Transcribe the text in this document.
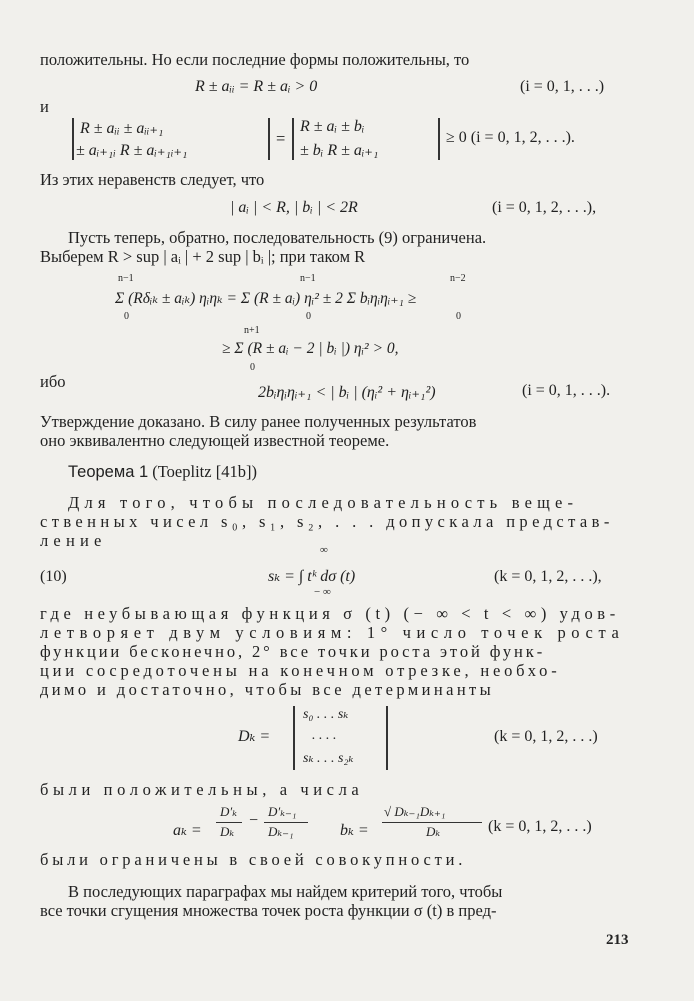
положительны. Но если последние формы положительны, то
R ± aᵢᵢ = R ± aᵢ > 0	(i = 0, 1, . . .)
и
R ± aᵢᵢ ± aᵢᵢ₊₁
± aᵢ₊₁ᵢ R ± aᵢ₊₁ᵢ₊₁
=
R ± aᵢ ± bᵢ
± bᵢ R ± aᵢ₊₁
≥ 0 (i = 0, 1, 2, . . .).
Из этих неравенств следует, что
| aᵢ | < R, | bᵢ | < 2R	(i = 0, 1, 2, . . .),
Пусть теперь, обратно, последовательность (9) ограничена.
Выберем R > sup | aᵢ | + 2 sup | bᵢ |; при таком R
n−1
0
n−1
0
n−2
0
Σ (Rδᵢₖ ± aᵢₖ) ηᵢηₖ = Σ (R ± aᵢ) ηᵢ² ± 2 Σ bᵢηᵢηᵢ₊₁ ≥
n+1
0
≥ Σ (R ± aᵢ − 2 | bᵢ |) ηᵢ² > 0,
ибо
2bᵢηᵢηᵢ₊₁ < | bᵢ | (ηᵢ² + ηᵢ₊₁²)	(i = 0, 1, . . .).
Утверждение доказано. В силу ранее полученных результатов
оно эквивалентно следующей известной теореме.
Теорема 1 (Toeplitz [41b])
Для того, чтобы последовательность веще-
ственных чисел s₀, s₁, s₂, . . . допускала представ-
ление
(10)
∞
sₖ = ∫ tᵏ dσ (t)
− ∞
(k = 0, 1, 2, . . .),
где неубывающая функция σ (t) (− ∞ < t < ∞) удов-
летворяет двум условиям: 1° число точек роста
функции бесконечно, 2° все точки роста этой функ-
ции сосредоточены на конечном отрезке, необхо-
димо и достаточно, чтобы все детерминанты
Dₖ =
s₀ . . . sₖ
. . . .
sₖ . . . s₂ₖ
(k = 0, 1, 2, . . .)
были положительны, а числа
aₖ =
D′ₖ
Dₖ
−
D′ₖ₋₁
Dₖ₋₁	bₖ =
√ Dₖ₋₁Dₖ₊₁
Dₖ	(k = 0, 1, 2, . . .)
были ограничены в своей совокупности.
В последующих параграфах мы найдем критерий того, чтобы
все точки сгущения множества точек роста функции σ (t) в пред-
213
